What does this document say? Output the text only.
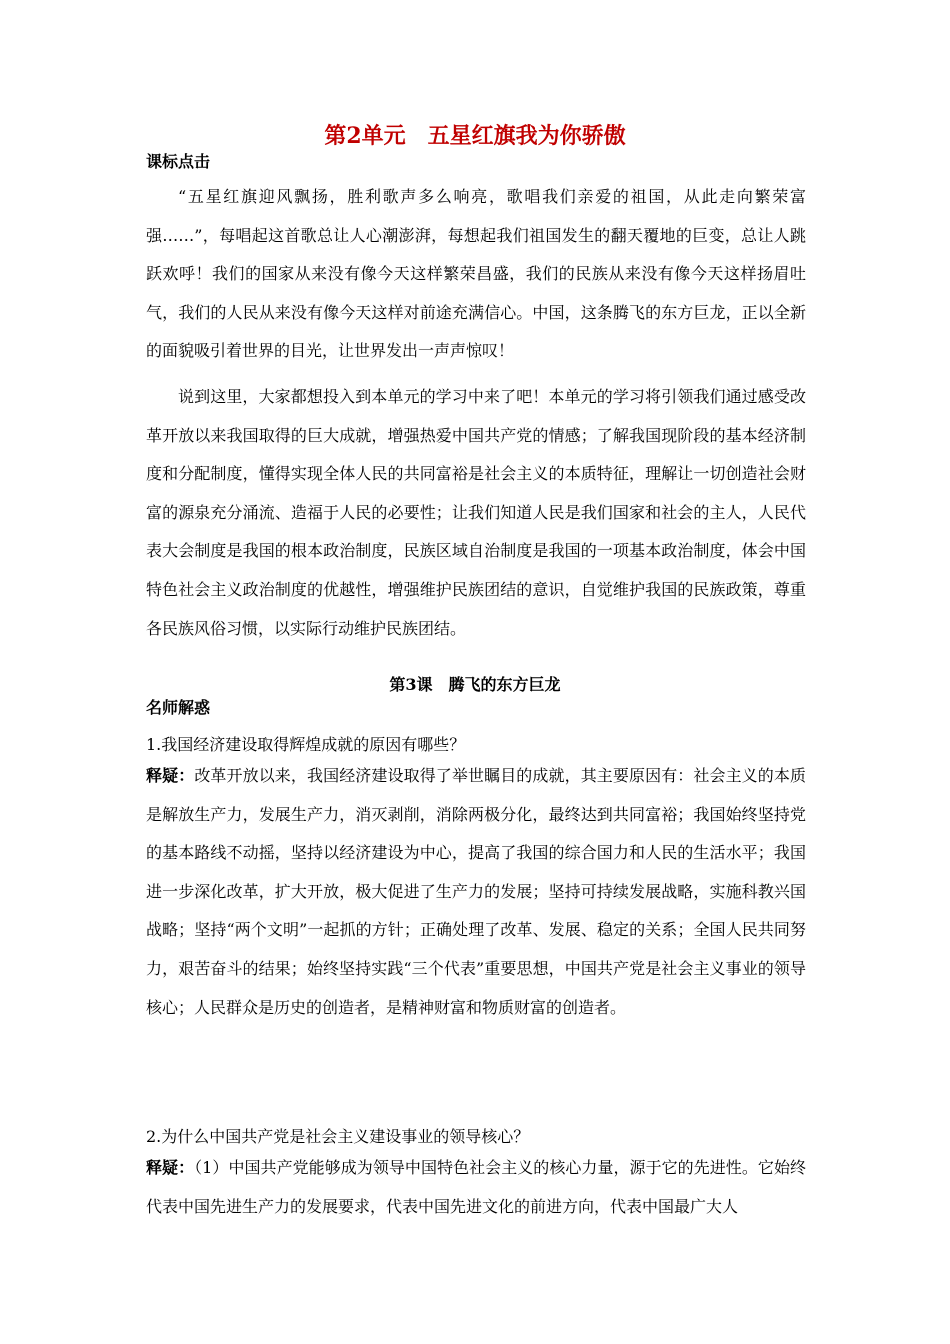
第2单元　五星红旗我为你骄傲
课标点击

“五星红旗迎风飘扬，胜利歌声多么响亮，歌唱我们亲爱的祖国，从此走向繁荣富强……”，每唱起这首歌总让人心潮澎湃，每想起我们祖国发生的翻天覆地的巨变，总让人跳跃欢呼！我们的国家从来没有像今天这样繁荣昌盛，我们的民族从来没有像今天这样扬眉吐气，我们的人民从来没有像今天这样对前途充满信心。中国，这条腾飞的东方巨龙，正以全新的面貌吸引着世界的目光，让世界发出一声声惊叹！

说到这里，大家都想投入到本单元的学习中来了吧！本单元的学习将引领我们通过感受改革开放以来我国取得的巨大成就，增强热爱中国共产党的情感；了解我国现阶段的基本经济制度和分配制度，懂得实现全体人民的共同富裕是社会主义的本质特征，理解让一切创造社会财富的源泉充分涌流、造福于人民的必要性；让我们知道人民是我们国家和社会的主人，人民代表大会制度是我国的根本政治制度，民族区域自治制度是我国的一项基本政治制度，体会中国特色社会主义政治制度的优越性，增强维护民族团结的意识，自觉维护我国的民族政策，尊重各民族风俗习惯，以实际行动维护民族团结。

第3课　腾飞的东方巨龙
名师解惑

1.我国经济建设取得辉煌成就的原因有哪些？

释疑：改革开放以来，我国经济建设取得了举世瞩目的成就，其主要原因有：社会主义的本质是解放生产力，发展生产力，消灭剥削，消除两极分化，最终达到共同富裕；我国始终坚持党的基本路线不动摇，坚持以经济建设为中心，提高了我国的综合国力和人民的生活水平；我国进一步深化改革，扩大开放，极大促进了生产力的发展；坚持可持续发展战略，实施科教兴国战略；坚持“两个文明”一起抓的方针；正确处理了改革、发展、稳定的关系；全国人民共同努力，艰苦奋斗的结果；始终坚持实践“三个代表”重要思想，中国共产党是社会主义事业的领导核心；人民群众是历史的创造者，是精神财富和物质财富的创造者。

2.为什么中国共产党是社会主义建设事业的领导核心？

释疑：（1）中国共产党能够成为领导中国特色社会主义的核心力量，源于它的先进性。它始终代表中国先进生产力的发展要求，代表中国先进文化的前进方向，代表中国最广大人
